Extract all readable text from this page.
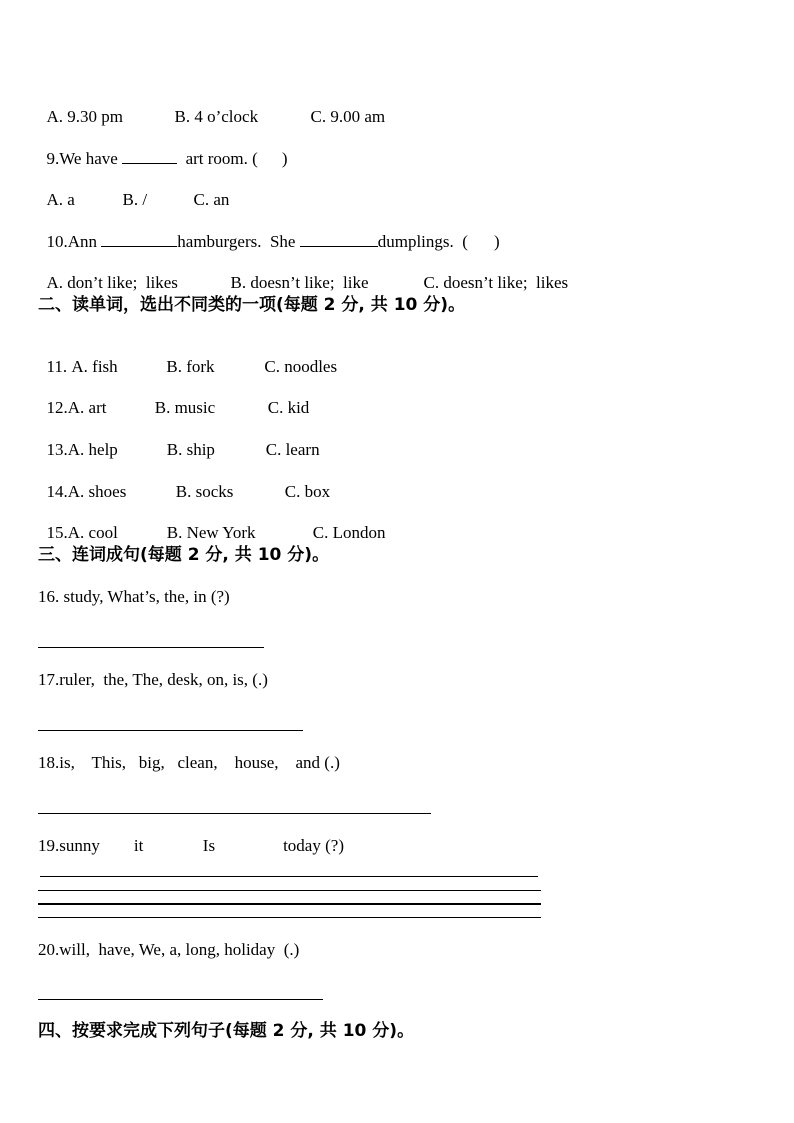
A. 9.30 pm	B. 4 o’clock	C. 9.00 am

9.We have	art room. ( )

A. a	B. /	C. an

10.Ann	hamburgers.  She	dumplings.  ( )

A. don’t like;  likes	B. doesn’t like;  like	C. doesn’t like;  likes

二、读单词，选出不同类的一项(每题 2 分, 共 10 分)。

11. A. fish	B. fork	C. noodles

12.A. art	B. music	C. kid

13.A. help	B. ship	C. learn

14.A. shoes	B. socks	C. box

15.A. cool	B. New York	C. London

三、连词成句(每题 2 分, 共 10 分)。
16. study, What’s, the, in (?)
17.ruler,  the, The, desk, on, is, (.)
18.is,    This,   big,   clean,    house,    and (.)
19.sunny        it              Is                today (?)
20.will,  have, We, a, long, holiday  (.)
四、按要求完成下列句子(每题 2 分, 共 10 分)。
